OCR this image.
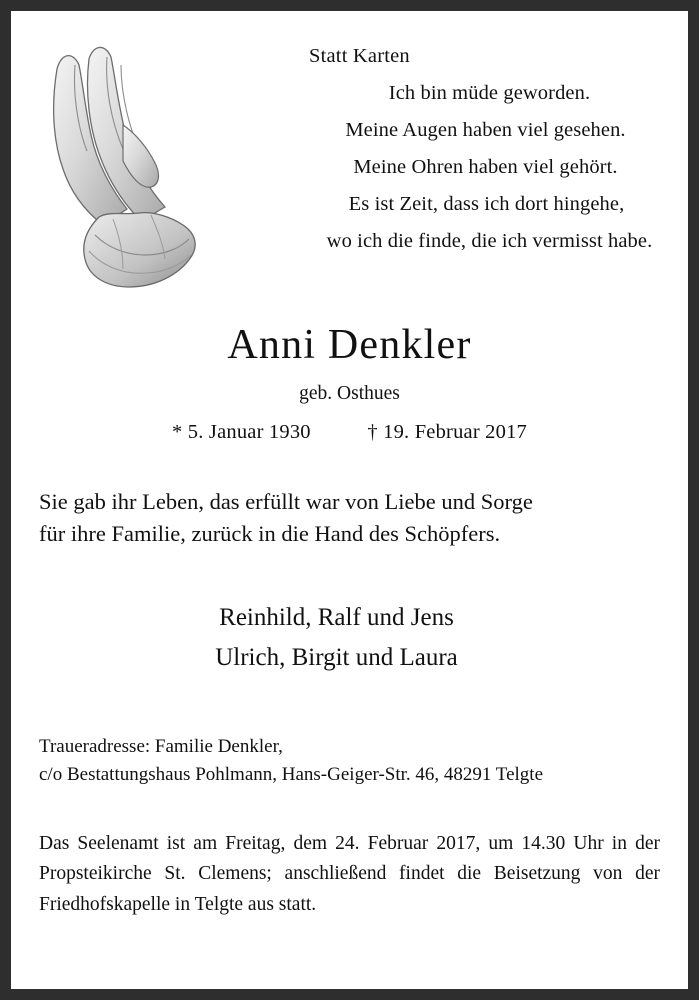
Statt Karten

Ich bin müde geworden.

Meine Augen haben viel gesehen.

Meine Ohren haben viel gehört.

Es ist Zeit, dass ich dort hingehe,

wo ich die finde, die ich vermisst habe.

Anni Denkler
geb. Osthues
* 5. Januar 1930	† 19. Februar 2017
Sie gab ihr Leben, das erfüllt war von Liebe und Sorge
für ihre Familie, zurück in die Hand des Schöpfers.
Reinhild, Ralf und Jens
Ulrich, Birgit und Laura
Traueradresse: Familie Denkler,
c/o Bestattungshaus Pohlmann, Hans-Geiger-Str. 46, 48291 Telgte
Das Seelenamt ist am Freitag, dem 24. Februar 2017, um 14.30 Uhr in der Propsteikirche St. Clemens; anschließend findet die Beisetzung von der Friedhofskapelle in Telgte aus statt.
